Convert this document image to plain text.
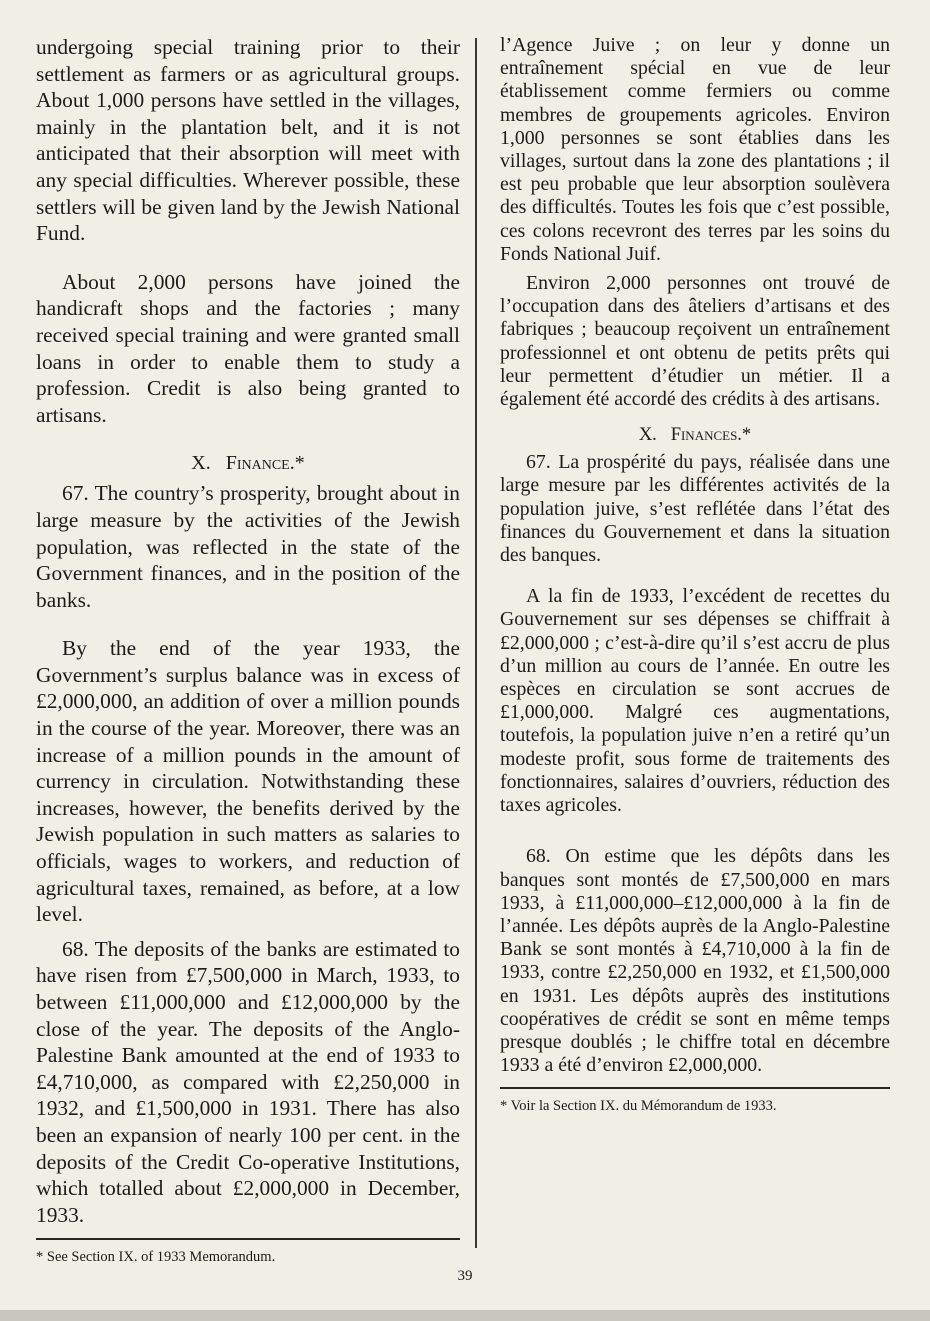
undergoing special training prior to their settlement as farmers or as agricultural groups. About 1,000 persons have settled in the villages, mainly in the plantation belt, and it is not anticipated that their absorption will meet with any special difficulties. Wherever possible, these settlers will be given land by the Jewish National Fund.

About 2,000 persons have joined the handicraft shops and the factories ; many received special training and were granted small loans in order to enable them to study a profession. Credit is also being granted to artisans.

X. Finance.*

67. The country’s prosperity, brought about in large measure by the activities of the Jewish population, was reflected in the state of the Government finances, and in the position of the banks.

By the end of the year 1933, the Government’s surplus balance was in excess of £2,000,000, an addition of over a million pounds in the course of the year. Moreover, there was an increase of a million pounds in the amount of currency in circulation. Notwithstanding these increases, however, the benefits derived by the Jewish population in such matters as salaries to officials, wages to workers, and reduction of agricultural taxes, remained, as before, at a low level.

68. The deposits of the banks are estimated to have risen from £7,500,000 in March, 1933, to between £11,000,000 and £12,000,000 by the close of the year. The deposits of the Anglo-Palestine Bank amounted at the end of 1933 to £4,710,000, as compared with £2,250,000 in 1932, and £1,500,000 in 1931. There has also been an expansion of nearly 100 per cent. in the deposits of the Credit Co-operative Institutions, which totalled about £2,000,000 in December, 1933.

* See Section IX. of 1933 Memorandum.

l’Agence Juive ; on leur y donne un entraînement spécial en vue de leur établissement comme fermiers ou comme membres de groupements agricoles. Environ 1,000 personnes se sont établies dans les villages, surtout dans la zone des plantations ; il est peu probable que leur absorption soulèvera des difficultés. Toutes les fois que c’est possible, ces colons recevront des terres par les soins du Fonds National Juif.

Environ 2,000 personnes ont trouvé de l’occupation dans des âteliers d’artisans et des fabriques ; beaucoup reçoivent un entraînement professionnel et ont obtenu de petits prêts qui leur permettent d’étudier un métier. Il a également été accordé des crédits à des artisans.

X. Finances.*

67. La prospérité du pays, réalisée dans une large mesure par les différentes activités de la population juive, s’est reflétée dans l’état des finances du Gouvernement et dans la situation des banques.

A la fin de 1933, l’excédent de recettes du Gouvernement sur ses dépenses se chiffrait à £2,000,000 ; c’est-à-dire qu’il s’est accru de plus d’un million au cours de l’année. En outre les espèces en circulation se sont accrues de £1,000,000. Malgré ces augmentations, toutefois, la population juive n’en a retiré qu’un modeste profit, sous forme de traitements des fonctionnaires, salaires d’ouvriers, réduction des taxes agricoles.

68. On estime que les dépôts dans les banques sont montés de £7,500,000 en mars 1933, à £11,000,000–£12,000,000 à la fin de l’année. Les dépôts auprès de la Anglo-Palestine Bank se sont montés à £4,710,000 à la fin de 1933, contre £2,250,000 en 1932, et £1,500,000 en 1931. Les dépôts auprès des institutions coopératives de crédit se sont en même temps presque doublés ; le chiffre total en décembre 1933 a été d’environ £2,000,000.

* Voir la Section IX. du Mémorandum de 1933.
39
